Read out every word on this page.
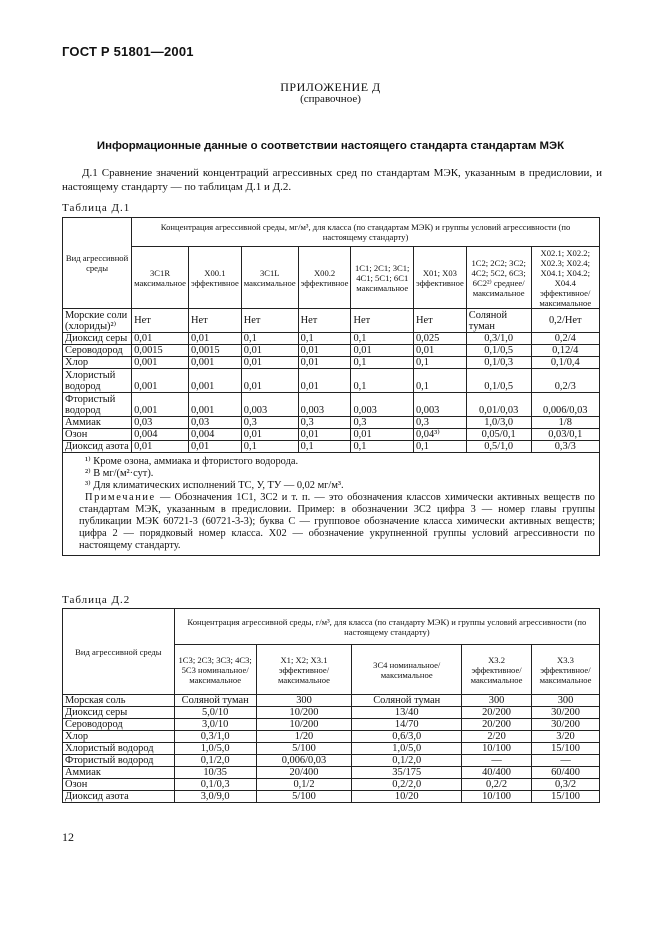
ГОСТ Р 51801—2001
ПРИЛОЖЕНИЕ Д
(справочное)
Информационные данные о соответствии настоящего стандарта стандартам МЭК
Д.1 Сравнение значений концентраций агрессивных сред по стандартам МЭК, указанным в предисловии, и настоящему стандарту — по таблицам Д.1 и Д.2.
Таблица Д.1
Вид агрессивной среды	Концентрация агрессивной среды, мг/м³, для класса (по стандартам МЭК) и группы условий агрессивности (по настоящему стандарту)							
	3С1R максимальное	X00.1 эффективное	3С1L максимальное	X00.2 эффективное	1С1; 2С1; 3С1; 4С1; 5С1; 6С1 максимальное	X01; X03 эффективное	1С2; 2С2; 3С2; 4С2; 5С2, 6С3; 6С2²⁾ среднее/максимальное	X02.1; X02.2; X02.3; X02.4; X04.1; X04.2; X04.4 эффективное/максимальное
Морские соли (хлориды)²⁾	Нет	Нет	Нет	Нет	Нет	Нет	Соляной туман	0,2/Нет
Диоксид серы	0,01	0,01	0,1	0,1	0,1	0,025	0,3/1,0	0,2/4
Сероводород	0,0015	0,0015	0,01	0,01	0,01	0,01	0,1/0,5	0,12/4
Хлор	0,001	0,001	0,01	0,01	0,1	0,1	0,1/0,3	0,1/0,4
Хлористый водород	0,001	0,001	0,01	0,01	0,1	0,1	0,1/0,5	0,2/3
Фтористый водород	0,001	0,001	0,003	0,003	0,003	0,003	0,01/0,03	0,006/0,03
Аммиак	0,03	0,03	0,3	0,3	0,3	0,3	1,0/3,0	1/8
Озон	0,004	0,004	0,01	0,01	0,01	0,04³⁾	0,05/0,1	0,03/0,1
Диоксид азота	0,01	0,01	0,1	0,1	0,1	0,1	0,5/1,0	0,3/3

¹⁾ Кроме озона, аммиака и фтористого водорода.
²⁾ В мг/(м²·сут).
³⁾ Для климатических исполнений ТС, У, ТУ — 0,02 мг/м³.
Примечание — Обозначения 1С1, 3С2 и т. п. — это обозначения классов химически активных веществ по стандартам МЭК, указанным в предисловии. Пример: в обозначении 3С2 цифра 3 — номер главы группы публикации МЭК 60721-3 (60721-3-3); буква С — групповое обозначение класса химически активных веществ; цифра 2 — порядковый номер класса. X02 — обозначение укрупненной группы условий агрессивности по настоящему стандарту.								
Таблица Д.2
Вид агрессивной среды	Концентрация агрессивной среды, г/м³, для класса (по стандарту МЭК) и группы условий агрессивности (по настоящему стандарту)				
	1С3; 2С3; 3С3; 4С3; 5С3 номинальное/максимальное	X1; X2; X3.1 эффективное/максимальное	3С4 номинальное/максимальное	X3.2 эффективное/максимальное	X3.3 эффективное/максимальное
Морская соль	Соляной туман	300	Соляной туман	300	300
Диоксид серы	5,0/10	10/200	13/40	20/200	30/200
Сероводород	3,0/10	10/200	14/70	20/200	30/200
Хлор	0,3/1,0	1/20	0,6/3,0	2/20	3/20
Хлористый водород	1,0/5,0	5/100	1,0/5,0	10/100	15/100
Фтористый водород	0,1/2,0	0,006/0,03	0,1/2,0	—	—
Аммиак	10/35	20/400	35/175	40/400	60/400
Озон	0,1/0,3	0,1/2	0,2/2,0	0,2/2	0,3/2
Диоксид азота	3,0/9,0	5/100	10/20	10/100	15/100
12
